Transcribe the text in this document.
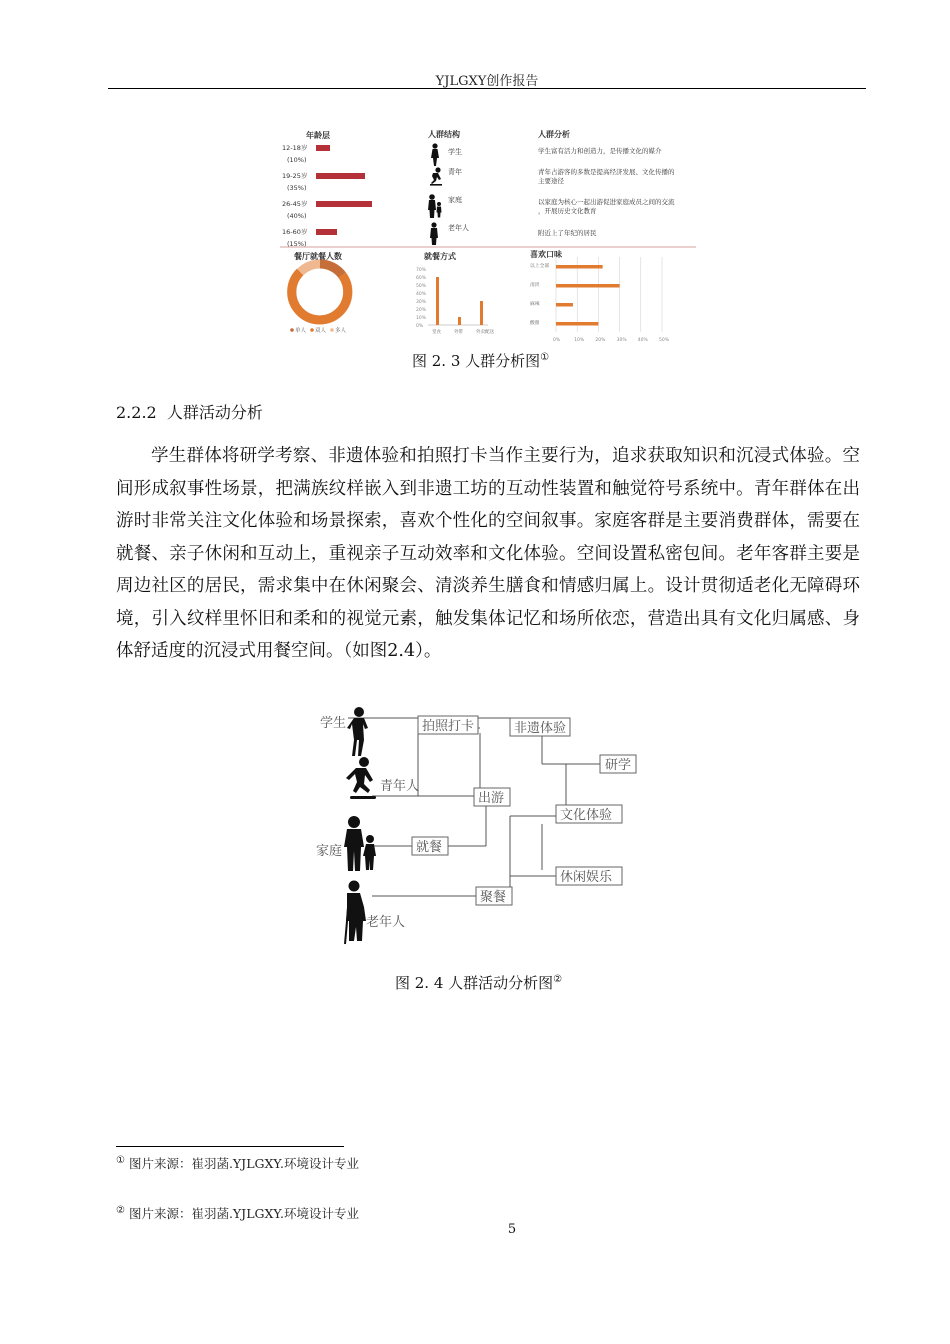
YJLGXY创作报告
年龄层
12-18岁
(10%)
19-25岁
(35%)
26-45岁
(40%)
16-60岁
(15%)
人群结构
学生
青年
家庭
老年人
人群分析
学生富有活力和创造力，是传播文化的媒介
青年占游客的多数是提高经济发展、文化传播的主要途径
以家庭为核心一起出游促进家庭成员之间的交流，开展历史文化教育
附近上了年纪的居民
餐厅就餐人数
单人 双人 多人
就餐方式
70%
60%
50%
40%
30%
20%
10%
0%
堂食	外带	外卖配送
喜欢口味
0%	10% 20% 30% 40% 50%
以上全部
清淡
麻辣
酸甜
图 2. 3 人群分析图①
2.2.2 人群活动分析

学生群体将研学考察、非遗体验和拍照打卡当作主要行为，追求获取知识和沉浸式体验。空间形成叙事性场景，把满族纹样嵌入到非遗工坊的互动性装置和触觉符号系统中。青年群体在出游时非常关注文化体验和场景探索，喜欢个性化的空间叙事。家庭客群是主要消费群体，需要在就餐、亲子休闲和互动上，重视亲子互动效率和文化体验。空间设置私密包间。老年客群主要是周边社区的居民，需求集中在休闲聚会、清淡养生膳食和情感归属上。设计贯彻适老化无障碍环境，引入纹样里怀旧和柔和的视觉元素，触发集体记忆和场所依恋，营造出具有文化归属感、身体舒适度的沉浸式用餐空间。（如图2.4）。

学生
青年人
家庭
老年人
拍照打卡	非遗体验
研学
出游
文化体验
就餐
休闲娱乐
聚餐
图 2. 4 人群活动分析图②
① 图片来源：崔羽菡.YJLGXY.环境设计专业
② 图片来源：崔羽菡.YJLGXY.环境设计专业
5
